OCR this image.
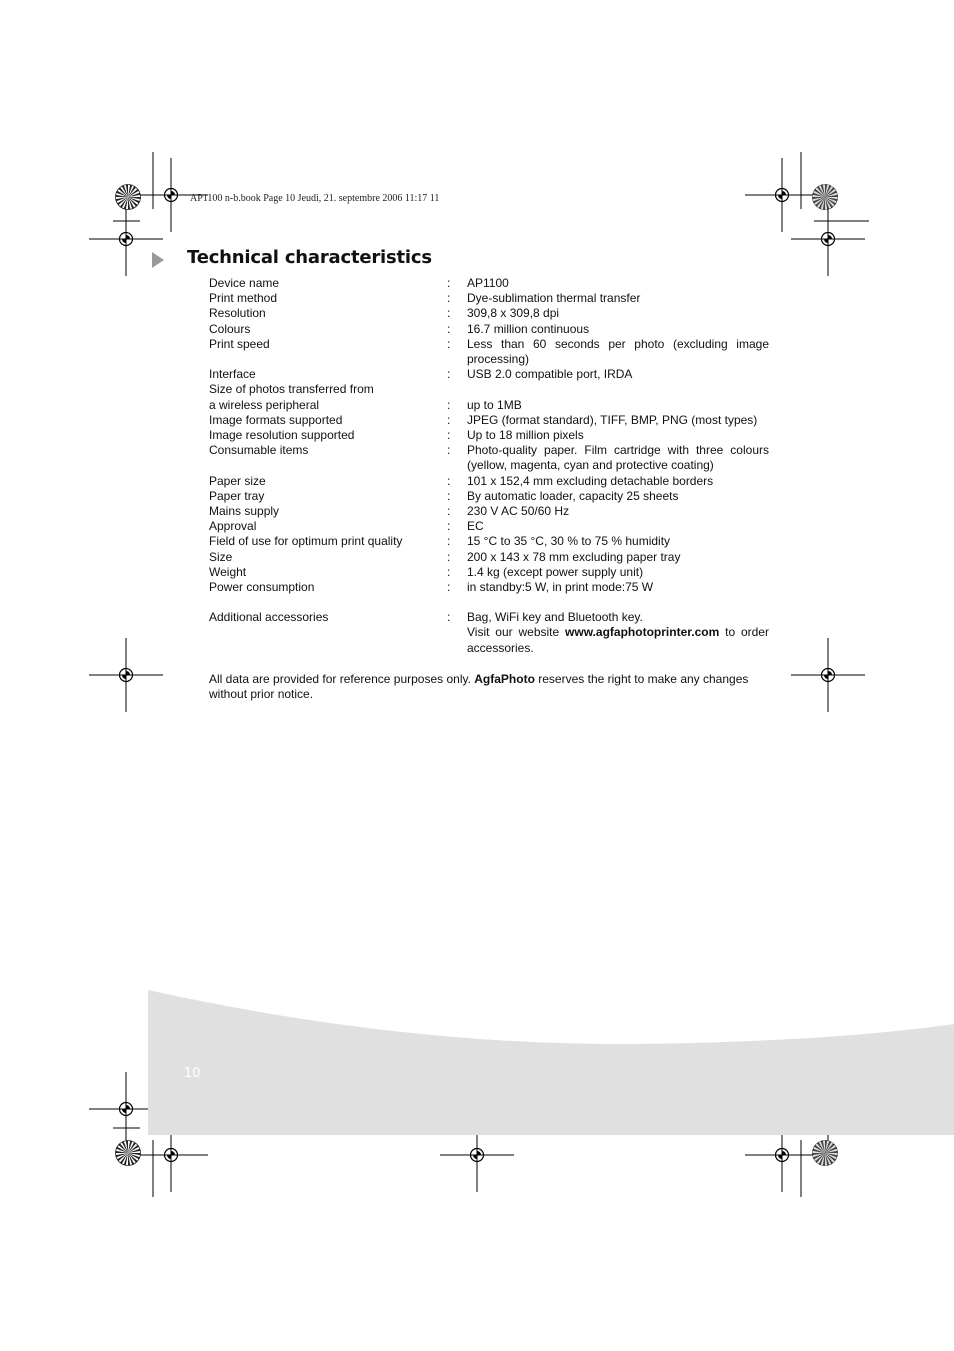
AP1100 n-b.book Page 10 Jeudi, 21. septembre 2006 11:17 11
Technical characteristics
Device name	:	AP1100
Print method	:	Dye-sublimation thermal transfer
Resolution	:	309,8 x 309,8 dpi
Colours	:	16.7 million continuous
Print speed	:	Less than 60 seconds per photo (excluding image processing)
Interface	:	USB 2.0 compatible port, IRDA
Size of photos transferred from		
a wireless peripheral	:	up to 1MB
Image formats supported	:	JPEG (format standard), TIFF, BMP, PNG (most types)
Image resolution supported	:	Up to 18 million pixels
Consumable items	:	Photo-quality paper. Film cartridge with three colours (yellow, magenta, cyan and protective coating)
Paper size	:	101 x 152,4 mm excluding detachable borders
Paper tray	:	By automatic loader, capacity 25 sheets
Mains supply	:	230 V AC 50/60 Hz
Approval	:	EC
Field of use for optimum print quality	:	15 °C to 35 °C, 30 % to 75 % humidity
Size	:	200 x 143 x 78 mm excluding paper tray
Weight	:	1.4 kg (except power supply unit)
Power consumption	:	in standby:5 W, in print mode:75 W

Additional accessories	:	Bag, WiFi key and Bluetooth key.
Visit our website www.agfaphotoprinter.com to order accessories.

All data are provided for reference purposes only. AgfaPhoto reserves the right to make any changes without prior notice.

10
